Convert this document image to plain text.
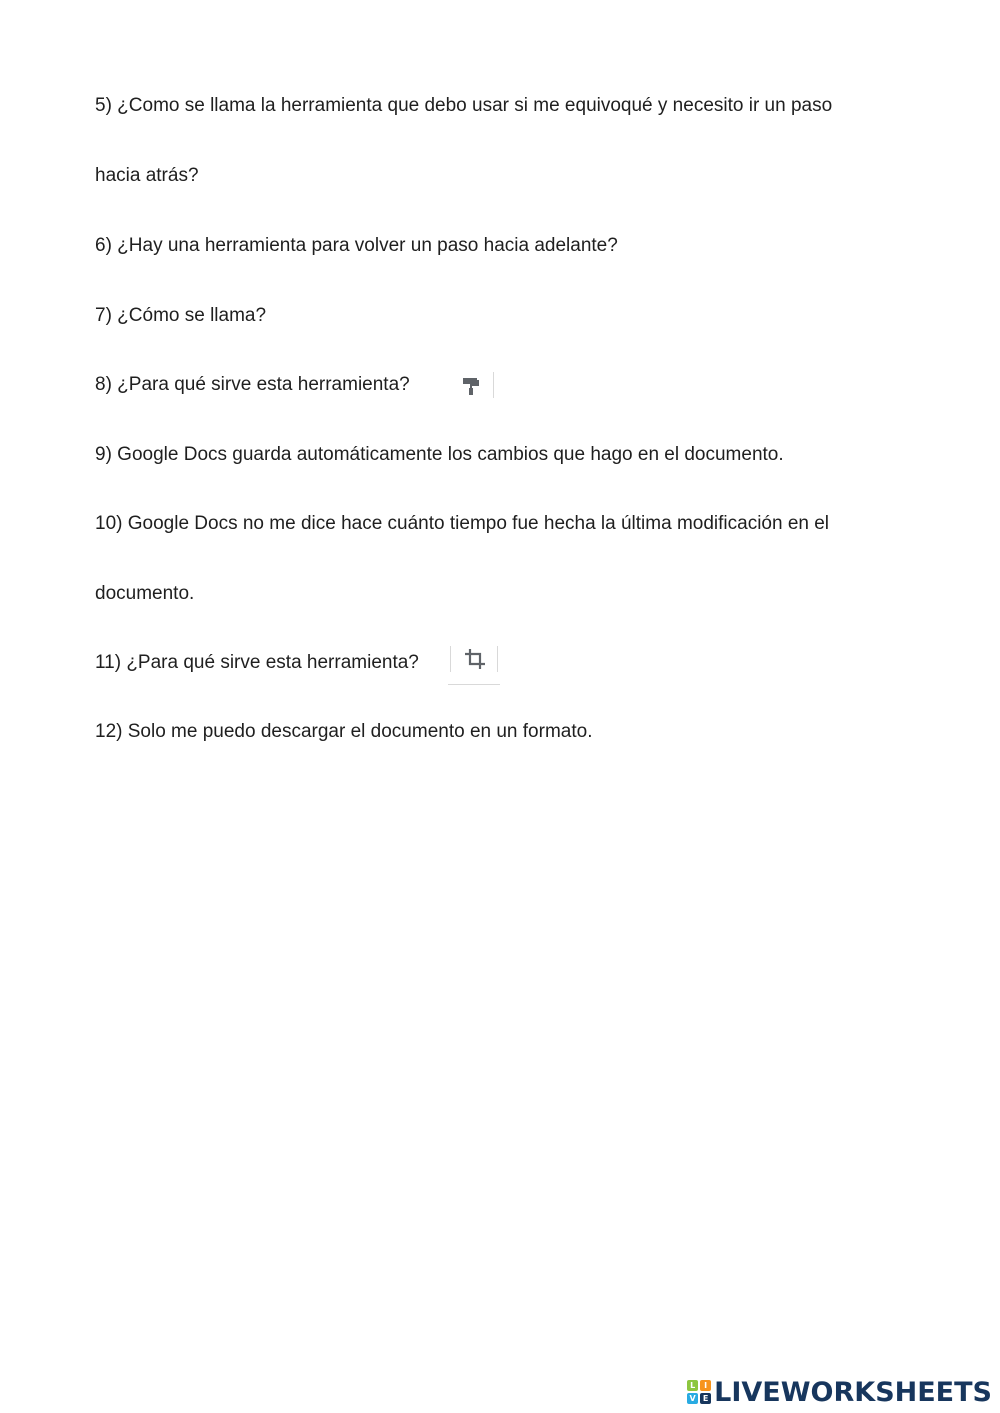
5) ¿Como se llama la herramienta que debo usar si me equivoqué y necesito ir un paso
hacia atrás?
6) ¿Hay una herramienta para volver un paso hacia adelante?
7) ¿Cómo se llama?
8) ¿Para qué sirve esta herramienta?
9) Google Docs guarda automáticamente los cambios que hago en el documento.
10) Google Docs no me dice hace cuánto tiempo fue hecha la última modificación en el
documento.
11) ¿Para qué sirve esta herramienta?
12) Solo me puedo descargar el documento en un formato.
L	I
V E LIVEWORKSHEETS
